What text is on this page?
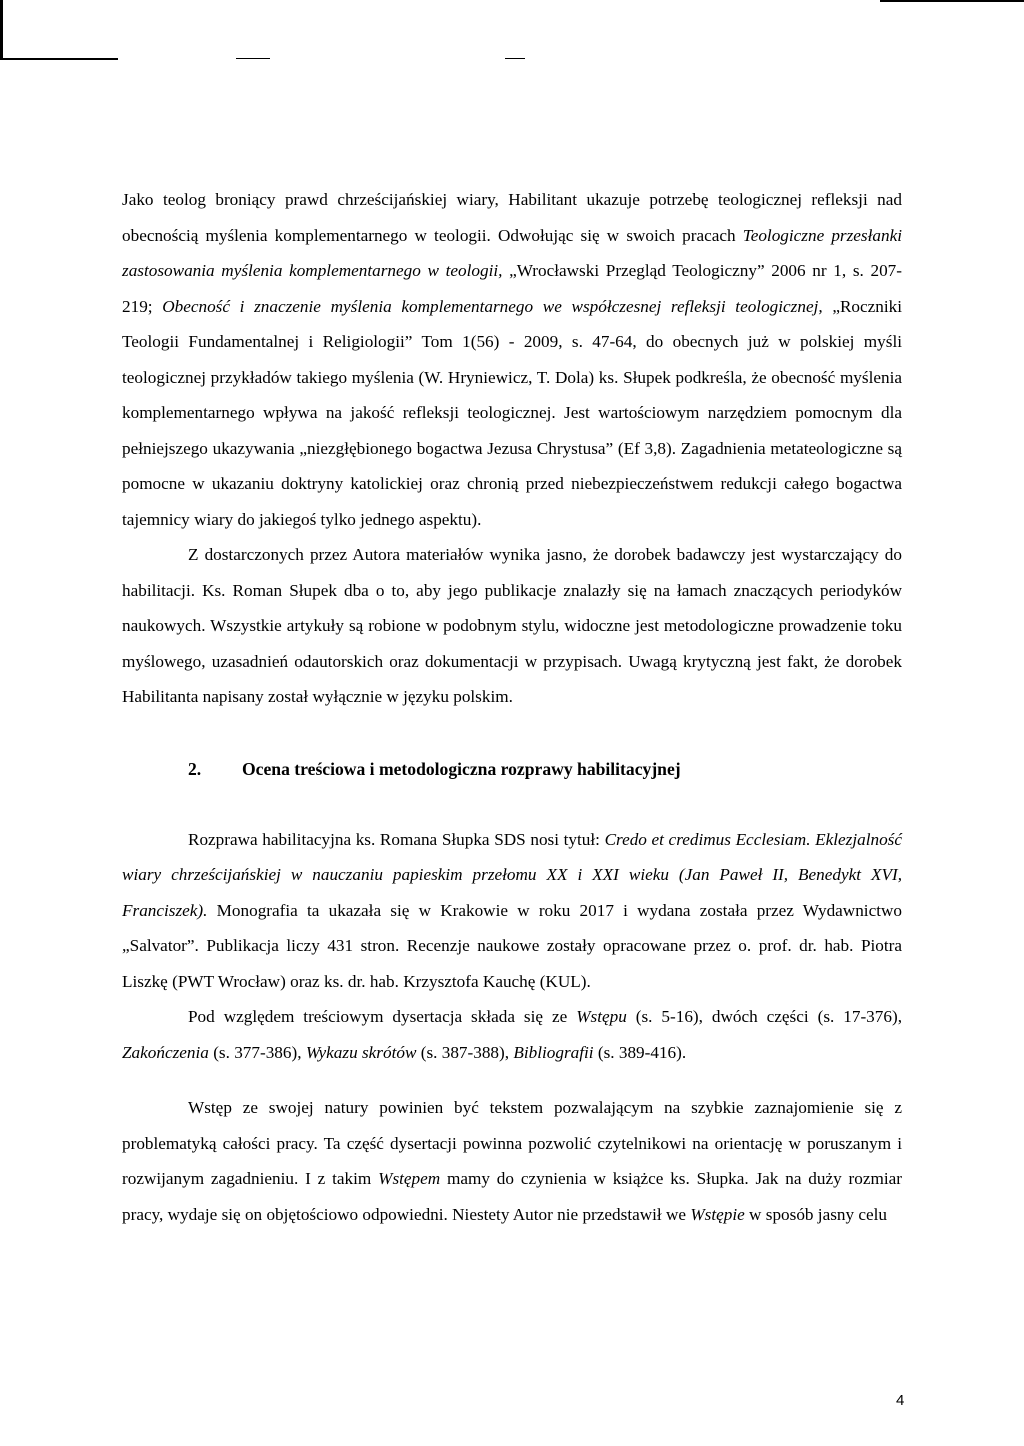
Jako teolog broniący prawd chrześcijańskiej wiary, Habilitant ukazuje potrzebę teologicznej refleksji nad obecnością myślenia komplementarnego w teologii. Odwołując się w swoich pracach Teologiczne przesłanki zastosowania myślenia komplementarnego w teologii, „Wrocławski Przegląd Teologiczny” 2006 nr 1, s. 207-219; Obecność i znaczenie myślenia komplementarnego we współczesnej refleksji teologicznej, „Roczniki Teologii Fundamentalnej i Religiologii” Tom 1(56) - 2009, s. 47-64, do obecnych już w polskiej myśli teologicznej przykładów takiego myślenia (W. Hryniewicz, T. Dola) ks. Słupek podkreśla, że obecność myślenia komplementarnego wpływa na jakość refleksji teologicznej. Jest wartościowym narzędziem pomocnym dla pełniejszego ukazywania „niezgłębionego bogactwa Jezusa Chrystusa” (Ef 3,8). Zagadnienia metateologiczne są pomocne w ukazaniu doktryny katolickiej oraz chronią przed niebezpieczeństwem redukcji całego bogactwa tajemnicy wiary do jakiegoś tylko jednego aspektu).

Z dostarczonych przez Autora materiałów wynika jasno, że dorobek badawczy jest wystarczający do habilitacji. Ks. Roman Słupek dba o to, aby jego publikacje znalazły się na łamach znaczących periodyków naukowych. Wszystkie artykuły są robione w podobnym stylu, widoczne jest metodologiczne prowadzenie toku myślowego, uzasadnień odautorskich oraz dokumentacji w przypisach. Uwagą krytyczną jest fakt, że dorobek Habilitanta napisany został wyłącznie w języku polskim.

2. Ocena treściowa i metodologiczna rozprawy habilitacyjnej

Rozprawa habilitacyjna ks. Romana Słupka SDS nosi tytuł: Credo et credimus Ecclesiam. Eklezjalność wiary chrześcijańskiej w nauczaniu papieskim przełomu XX i XXI wieku (Jan Paweł II, Benedykt XVI, Franciszek). Monografia ta ukazała się w Krakowie w roku 2017 i wydana została przez Wydawnictwo „Salvator”. Publikacja liczy 431 stron. Recenzje naukowe zostały opracowane przez o. prof. dr. hab. Piotra Liszkę (PWT Wrocław) oraz ks. dr. hab. Krzysztofa Kauchę (KUL).

Pod względem treściowym dysertacja składa się ze Wstępu (s. 5-16), dwóch części (s. 17-376), Zakończenia (s. 377-386), Wykazu skrótów (s. 387-388), Bibliografii (s. 389-416).

Wstęp ze swojej natury powinien być tekstem pozwalającym na szybkie zaznajomienie się z problematyką całości pracy. Ta część dysertacji powinna pozwolić czytelnikowi na orientację w poruszanym i rozwijanym zagadnieniu. I z takim Wstępem mamy do czynienia w książce ks. Słupka. Jak na duży rozmiar pracy, wydaje się on objętościowo odpowiedni. Niestety Autor nie przedstawił we Wstępie w sposób jasny celu

4
